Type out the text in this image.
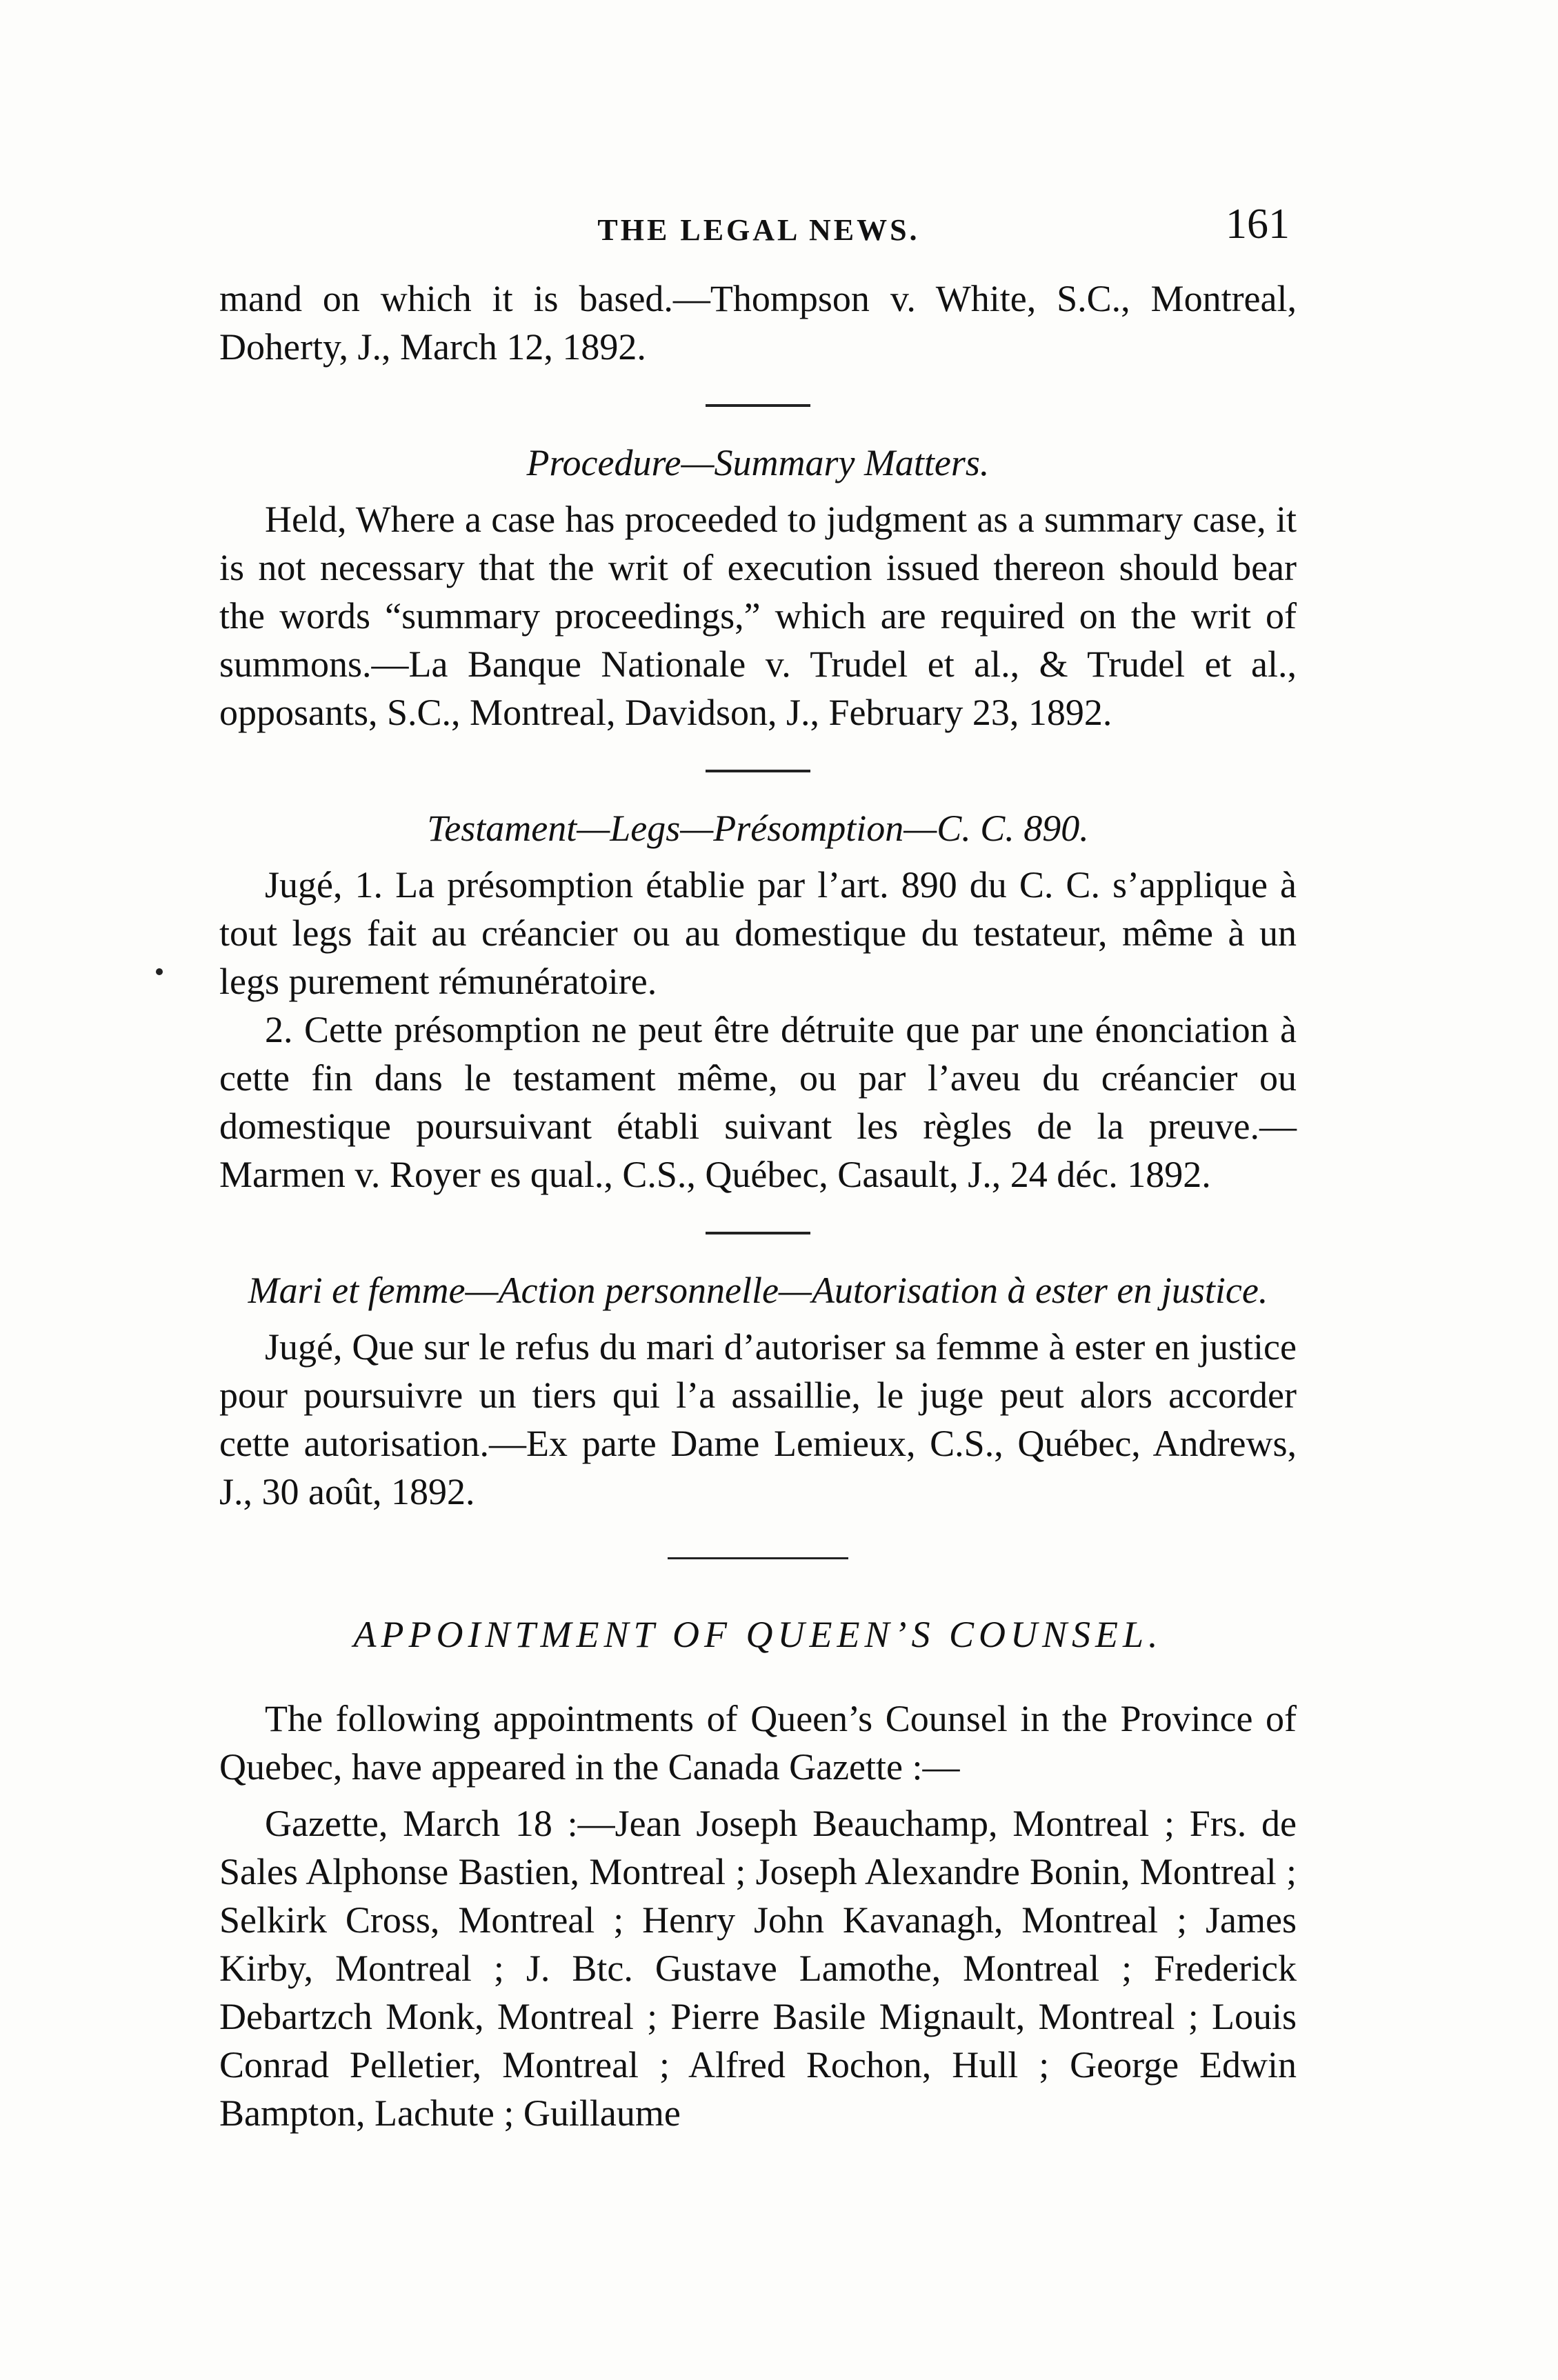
THE LEGAL NEWS.	161

mand on which it is based.—Thompson v. White, S.C., Montreal, Doherty, J., March 12, 1892.

Procedure—Summary Matters.

Held, Where a case has proceeded to judgment as a summary case, it is not necessary that the writ of execution issued thereon should bear the words “summary proceedings,” which are required on the writ of summons.—La Banque Nationale v. Trudel et al., & Trudel et al., opposants, S.C., Montreal, Davidson, J., February 23, 1892.

Testament—Legs—Présomption—C. C. 890.

Jugé, 1. La présomption établie par l’art. 890 du C. C. s’applique à tout legs fait au créancier ou au domestique du testateur, même à un legs purement rémunératoire.

2. Cette présomption ne peut être détruite que par une énonciation à cette fin dans le testament même, ou par l’aveu du créancier ou domestique poursuivant établi suivant les règles de la preuve.—Marmen v. Royer es qual., C.S., Québec, Casault, J., 24 déc. 1892.

Mari et femme—Action personnelle—Autorisation à ester en justice.

Jugé, Que sur le refus du mari d’autoriser sa femme à ester en justice pour poursuivre un tiers qui l’a assaillie, le juge peut alors accorder cette autorisation.—Ex parte Dame Lemieux, C.S., Québec, Andrews, J., 30 août, 1892.

APPOINTMENT OF QUEEN’S COUNSEL.

The following appointments of Queen’s Counsel in the Province of Quebec, have appeared in the Canada Gazette :—

Gazette, March 18 :—Jean Joseph Beauchamp, Montreal ; Frs. de Sales Alphonse Bastien, Montreal ; Joseph Alexandre Bonin, Montreal ; Selkirk Cross, Montreal ; Henry John Kavanagh, Montreal ; James Kirby, Montreal ; J. Btc. Gustave Lamothe, Montreal ; Frederick Debartzch Monk, Montreal ; Pierre Basile Mignault, Montreal ; Louis Conrad Pelletier, Montreal ; Alfred Rochon, Hull ; George Edwin Bampton, Lachute ; Guillaume
